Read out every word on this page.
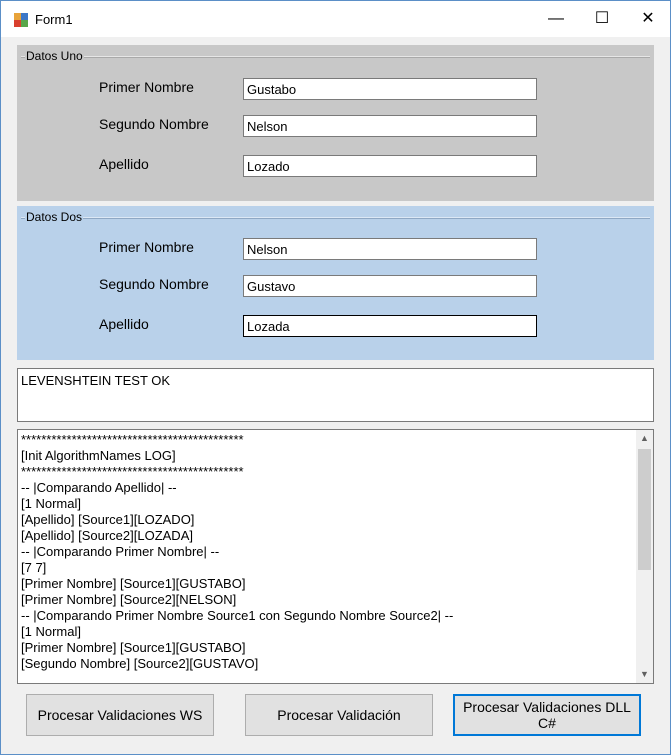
Form1	—	☐	✕
Datos Uno
Primer Nombre
Gustabo
Segundo Nombre
Nelson
Apellido
Lozado
Datos Dos
Primer Nombre
Nelson
Segundo Nombre
Gustavo
Apellido
Lozada
LEVENSHTEIN TEST OK
********************************************
[Init AlgorithmNames LOG]
********************************************
-- |Comparando Apellido| --
[1 Normal]
[Apellido] [Source1][LOZADO]
[Apellido] [Source2][LOZADA]
-- |Comparando Primer Nombre| --
[7 7]
[Primer Nombre] [Source1][GUSTABO]
[Primer Nombre] [Source2][NELSON]
-- |Comparando Primer Nombre Source1 con Segundo Nombre Source2| --
[1 Normal]
[Primer Nombre] [Source1][GUSTABO]
[Segundo Nombre] [Source2][GUSTAVO]
▲
▼
Procesar Validaciones WS	Procesar Validación	Procesar Validaciones DLL C#
